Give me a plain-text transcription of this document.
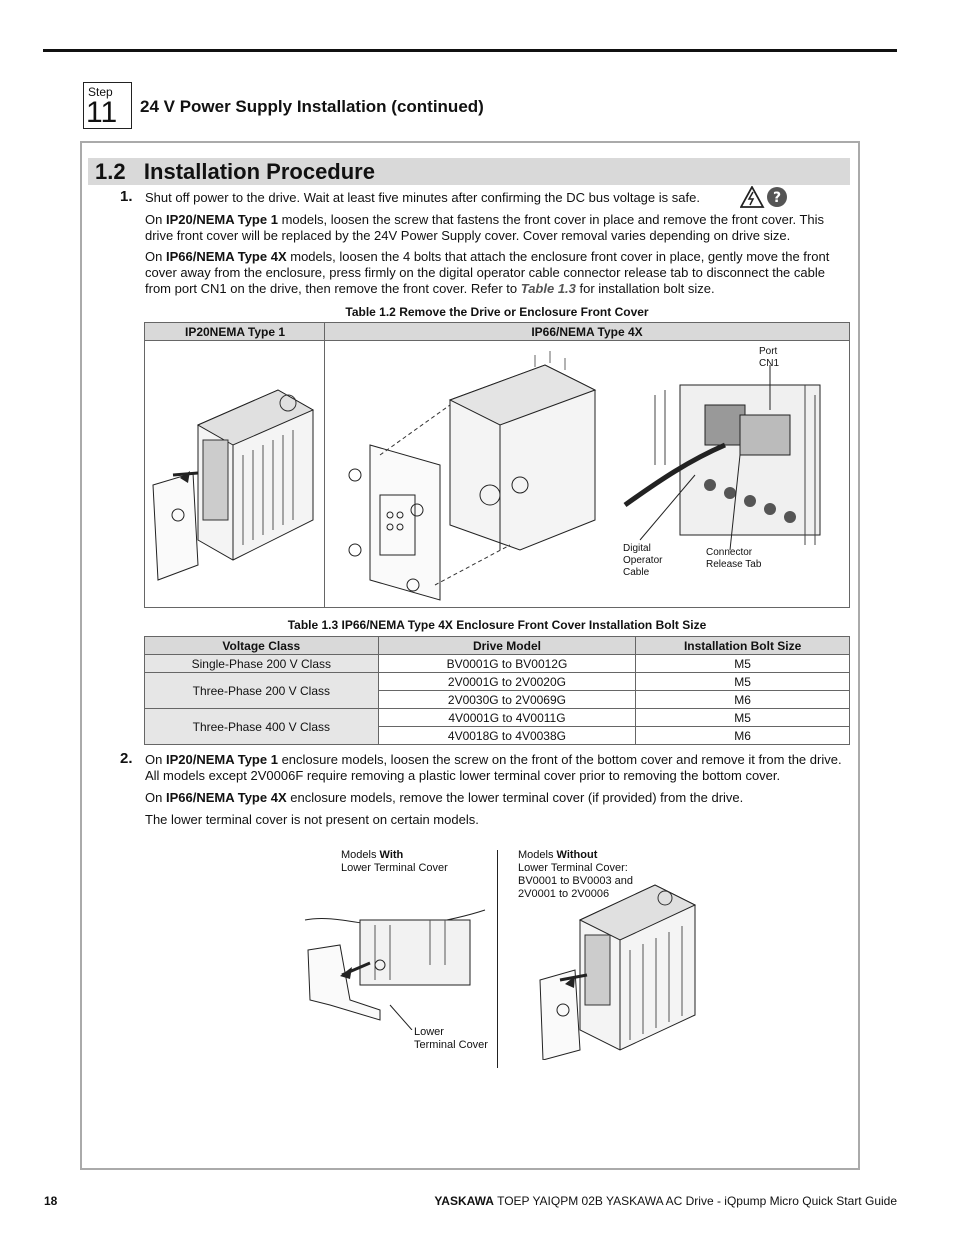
Step
11 24 V Power Supply Installation (continued)
1.2   Installation Procedure
1. Shut off power to the drive. Wait at least five minutes after confirming the DC bus voltage is safe.	?
On IP20/NEMA Type 1 models, loosen the screw that fastens the front cover in place and remove the front cover. This drive front cover will be replaced by the 24V Power Supply cover. Cover removal varies depending on drive size.
On IP66/NEMA Type 4X models, loosen the 4 bolts that attach the enclosure front cover in place, gently move the front cover away from the enclosure, press firmly on the digital operator cable connector release tab to disconnect the cable from port CN1 on the drive, then remove the front cover. Refer to Table 1.3 for installation bolt size.
Table 1.2 Remove the Drive or Enclosure Front Cover
IP20NEMA Type 1	IP66/NEMA Type 4X
Port
CN1
Digital
Operator
Cable
Connector
Release Tab
Table 1.3 IP66/NEMA Type 4X Enclosure Front Cover Installation Bolt Size
Voltage Class	Drive Model	Installation Bolt Size
Single-Phase 200 V Class	BV0001G to BV0012G	M5
Three-Phase 200 V Class	2V0001G to 2V0020G	M5
	2V0030G to 2V0069G	M6
Three-Phase 400 V Class	4V0001G to 4V0011G	M5
	4V0018G to 4V0038G	M6
2. On IP20/NEMA Type 1 enclosure models, loosen the screw on the front of the bottom cover and remove it from the drive. All models except 2V0006F require removing a plastic lower terminal cover prior to removing the bottom cover.
On IP66/NEMA Type 4X enclosure models, remove the lower terminal cover (if provided) from the drive.
The lower terminal cover is not present on certain models.
Models With
Lower Terminal Cover
Models Without
Lower Terminal Cover:
BV0001 to BV0003 and
2V0001 to 2V0006
Lower
Terminal Cover
18	YASKAWA TOEP YAIQPM 02B YASKAWA AC Drive - iQpump Micro Quick Start Guide
